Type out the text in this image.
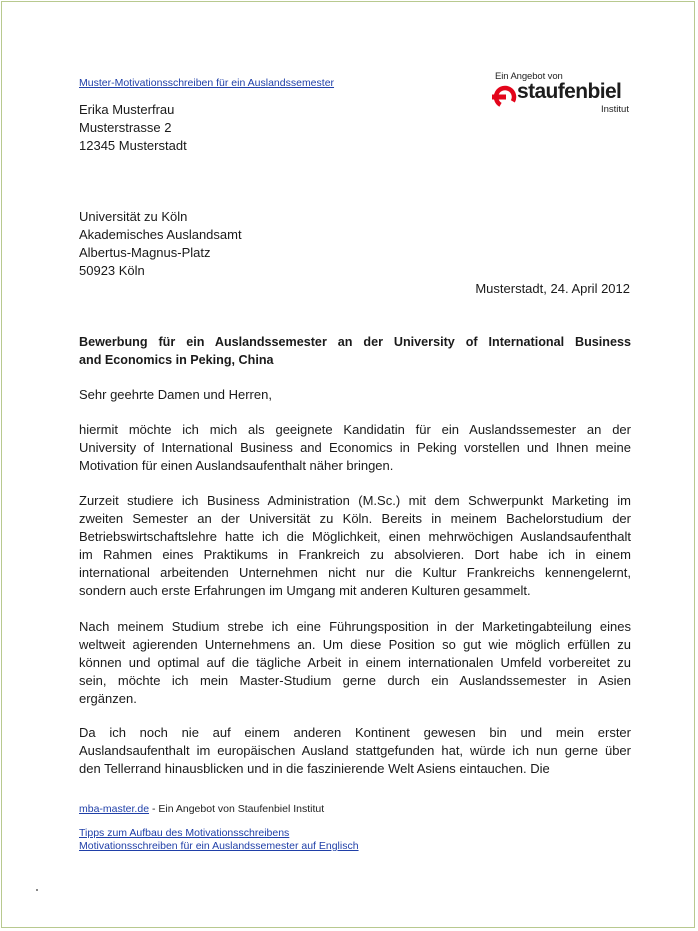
Muster-Motivationsschreiben für ein Auslandssemester
Ein Angebot von
staufenbiel
Institut
Erika Musterfrau
Musterstrasse 2
12345 Musterstadt
Universität zu Köln
Akademisches Auslandsamt
Albertus-Magnus-Platz
50923 Köln
Musterstadt, 24. April 2012
Bewerbung für ein Auslandssemester an der University of International Business
and Economics in Peking, China
Sehr geehrte Damen und Herren,
hiermit möchte ich mich als geeignete Kandidatin für ein Auslandssemester an der
University of International Business and Economics in Peking vorstellen und Ihnen meine
Motivation für einen Auslandsaufenthalt näher bringen.
Zurzeit studiere ich Business Administration (M.Sc.) mit dem Schwerpunkt Marketing im
zweiten Semester an der Universität zu Köln. Bereits in meinem Bachelorstudium der
Betriebswirtschaftslehre hatte ich die Möglichkeit, einen mehrwöchigen Auslandsaufenthalt
im Rahmen eines Praktikums in Frankreich zu absolvieren. Dort habe ich in einem
international arbeitenden Unternehmen nicht nur die Kultur Frankreichs kennengelernt,
sondern auch erste Erfahrungen im Umgang mit anderen Kulturen gesammelt.
Nach meinem Studium strebe ich eine Führungsposition in der Marketingabteilung eines
weltweit agierenden Unternehmens an. Um diese Position so gut wie möglich erfüllen zu
können und optimal auf die tägliche Arbeit in einem internationalen Umfeld vorbereitet zu
sein, möchte ich mein Master-Studium gerne durch ein Auslandssemester in Asien
ergänzen.
Da ich noch nie auf einem anderen Kontinent gewesen bin und mein erster
Auslandsaufenthalt im europäischen Ausland stattgefunden hat, würde ich nun gerne über
den Tellerrand hinausblicken und in die faszinierende Welt Asiens eintauchen. Die
mba-master.de - Ein Angebot von Staufenbiel Institut
Tipps zum Aufbau des Motivationsschreibens
Motivationsschreiben für ein Auslandssemester auf Englisch
